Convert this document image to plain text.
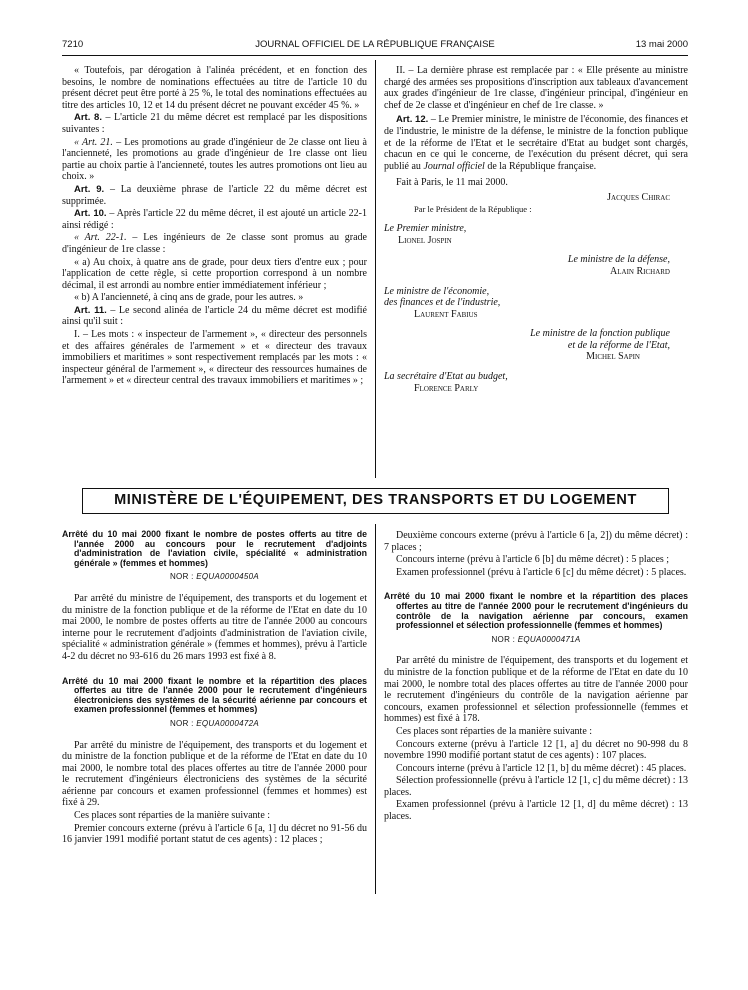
7210	JOURNAL OFFICIEL DE LA RÉPUBLIQUE FRANÇAISE	13 mai 2000

« Toutefois, par dérogation à l'alinéa précédent, et en fonction des besoins, le nombre de nominations effectuées au titre de l'article 10 du présent décret peut être porté à 25 %, le total des nominations effectuées au titre des articles 10, 12 et 14 du présent décret ne pouvant excéder 45 %. »

Art. 8. – L'article 21 du même décret est remplacé par les dispositions suivantes :

« Art. 21. – Les promotions au grade d'ingénieur de 2e classe ont lieu à l'ancienneté, les promotions au grade d'ingénieur de 1re classe ont lieu partie au choix partie à l'ancienneté, toutes les autres promotions ont lieu au choix. »

Art. 9. – La deuxième phrase de l'article 22 du même décret est supprimée.

Art. 10. – Après l'article 22 du même décret, il est ajouté un article 22-1 ainsi rédigé :

« Art. 22-1. – Les ingénieurs de 2e classe sont promus au grade d'ingénieur de 1re classe :

« a) Au choix, à quatre ans de grade, pour deux tiers d'entre eux ; pour l'application de cette règle, si cette proportion correspond à un nombre décimal, il est arrondi au nombre entier immédiatement inférieur ;

« b) A l'ancienneté, à cinq ans de grade, pour les autres. »

Art. 11. – Le second alinéa de l'article 24 du même décret est modifié ainsi qu'il suit :

I. – Les mots : « inspecteur de l'armement », « directeur des personnels et des affaires générales de l'armement » et « directeur des travaux immobiliers et maritimes » sont respectivement remplacés par les mots : « inspecteur général de l'armement », « directeur des ressources humaines de l'armement » et « directeur central des travaux immobiliers et maritimes » ;

II. – La dernière phrase est remplacée par : « Elle présente au ministre chargé des armées ses propositions d'inscription aux tableaux d'avancement aux grades d'ingénieur de 1re classe, d'ingénieur principal, d'ingénieur en chef de 2e classe et d'ingénieur en chef de 1re classe. »

Art. 12. – Le Premier ministre, le ministre de l'économie, des finances et de l'industrie, le ministre de la défense, le ministre de la fonction publique et de la réforme de l'Etat et le secrétaire d'Etat au budget sont chargés, chacun en ce qui le concerne, de l'exécution du présent décret, qui sera publié au Journal officiel de la République française.

Fait à Paris, le 11 mai 2000.

Jacques Chirac
Par le Président de la République :
Le Premier ministre,
Lionel Jospin
Le ministre de la défense,
Alain Richard
Le ministre de l'économie,
des finances et de l'industrie,
Laurent Fabius
Le ministre de la fonction publique
et de la réforme de l'Etat,
Michel Sapin
La secrétaire d'Etat au budget,
Florence Parly
MINISTÈRE DE L'ÉQUIPEMENT, DES TRANSPORTS ET DU LOGEMENT
Arrêté du 10 mai 2000 fixant le nombre de postes offerts au titre de l'année 2000 au concours pour le recrutement d'adjoints d'administration de l'aviation civile, spécialité « administration générale » (femmes et hommes)
NOR : EQUA0000450A

Par arrêté du ministre de l'équipement, des transports et du logement et du ministre de la fonction publique et de la réforme de l'Etat en date du 10 mai 2000, le nombre de postes offerts au titre de l'année 2000 au concours interne pour le recrutement d'adjoints d'administration de l'aviation civile, spécialité « administration générale » (femmes et hommes), prévu à l'article 4-2 du décret no 93-616 du 26 mars 1993 est fixé à 8.

Arrêté du 10 mai 2000 fixant le nombre et la répartition des places offertes au titre de l'année 2000 pour le recrutement d'ingénieurs électroniciens des systèmes de la sécurité aérienne par concours et examen professionnel (femmes et hommes)
NOR : EQUA0000472A

Par arrêté du ministre de l'équipement, des transports et du logement et du ministre de la fonction publique et de la réforme de l'Etat en date du 10 mai 2000, le nombre total des places offertes au titre de l'année 2000 pour le recrutement d'ingénieurs électroniciens des systèmes de la sécurité aérienne par concours et examen professionnel (femmes et hommes) est fixé à 29.

Ces places sont réparties de la manière suivante :

Premier concours externe (prévu à l'article 6 [a, 1] du décret no 91-56 du 16 janvier 1991 modifié portant statut de ces agents) : 12 places ;

Deuxième concours externe (prévu à l'article 6 [a, 2]) du même décret) : 7 places ;

Concours interne (prévu à l'article 6 [b] du même décret) : 5 places ;

Examen professionnel (prévu à l'article 6 [c] du même décret) : 5 places.

Arrêté du 10 mai 2000 fixant le nombre et la répartition des places offertes au titre de l'année 2000 pour le recrutement d'ingénieurs du contrôle de la navigation aérienne par concours, examen professionnel et sélection professionnelle (femmes et hommes)
NOR : EQUA0000471A

Par arrêté du ministre de l'équipement, des transports et du logement et du ministre de la fonction publique et de la réforme de l'Etat en date du 10 mai 2000, le nombre total des places offertes au titre de l'année 2000 pour le recrutement d'ingénieurs du contrôle de la navigation aérienne par concours, examen professionnel et sélection professionnelle (femmes et hommes) est fixé à 178.

Ces places sont réparties de la manière suivante :

Concours externe (prévu à l'article 12 [1, a] du décret no 90-998 du 8 novembre 1990 modifié portant statut de ces agents) : 107 places.

Concours interne (prévu à l'article 12 [1, b] du même décret) : 45 places.

Sélection professionnelle (prévu à l'article 12 [1, c] du même décret) : 13 places.

Examen professionnel (prévu à l'article 12 [1, d] du même décret) : 13 places.
